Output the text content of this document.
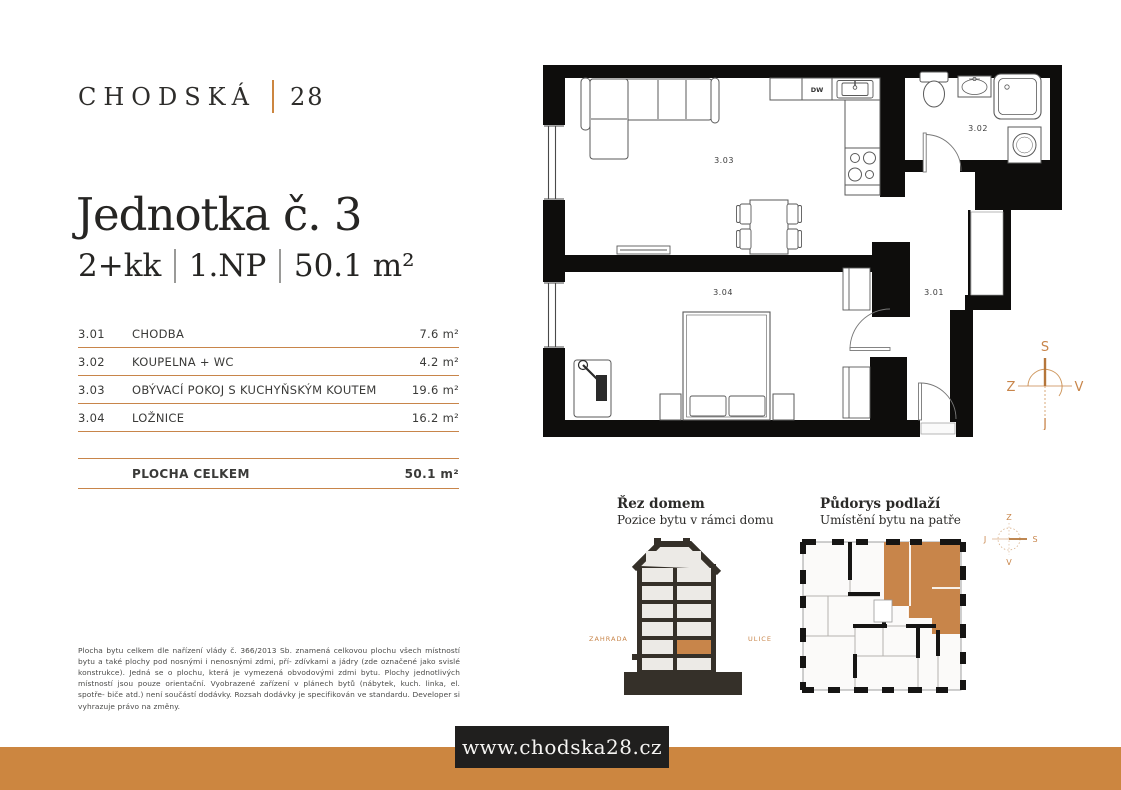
CHODSKÁ 28
Jednotka č. 3
2+kk 1.NP 50.1 m²
3.01	CHODBA	7.6 m²
3.02	KOUPELNA + WC	4.2 m²
3.03	OBÝVACÍ POKOJ S KUCHYŇSKÝM KOUTEM	19.6 m²
3.04	LOŽNICE	16.2 m²
PLOCHA CELKEM	50.1 m²
DW
3.03
3.02
3.04	3.01
S
Z	V
J
Řez domem
Pozice bytu v rámci domu
ZAHRADA	ULICE
Půdorys podlaží
Umístění bytu na patře	Z
J	S
V
Plocha bytu celkem dle nařízení vlády č. 366/2013 Sb. znamená celkovou plochu všech místností bytu a také plochy pod nosnými i nenosnými zdmi, pří- zdívkami a jádry (zde označené jako svislé konstrukce). Jedná se o plochu, která je vymezená obvodovými zdmi bytu. Plochy jednotlivých místností jsou pouze orientační. Vyobrazené zařízení v plánech bytů (nábytek, kuch. linka, el. spotře- biče atd.) není součástí dodávky. Rozsah dodávky je specifikován ve standardu. Developer si vyhrazuje právo na změny.
www.chodska28.cz
